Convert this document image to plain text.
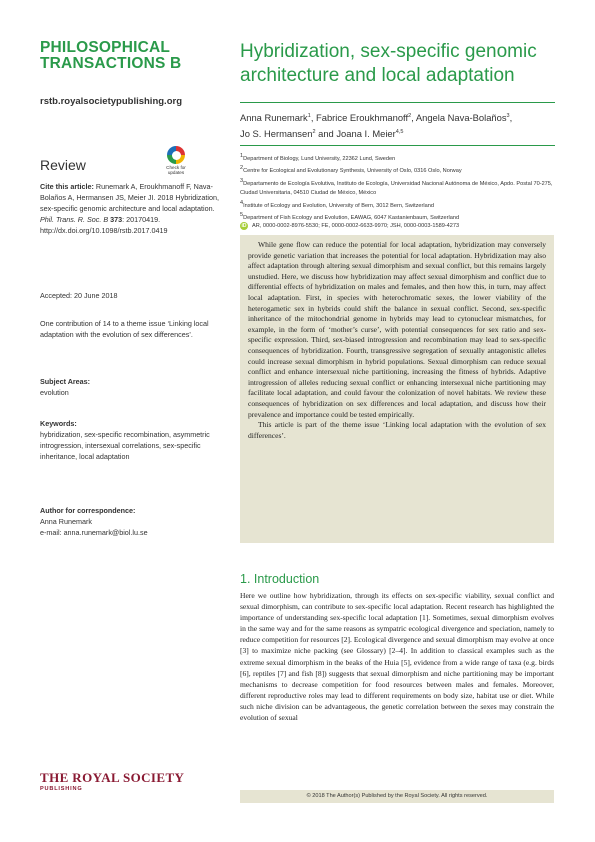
PHILOSOPHICAL
TRANSACTIONS B
rstb.royalsocietypublishing.org
Review	Check for
updates
Cite this article: Runemark A, Eroukhmanoff F, Nava-Bolaños A, Hermansen JS, Meier JI. 2018 Hybridization, sex-specific genomic architecture and local adaptation. Phil. Trans. R. Soc. B 373: 20170419. http://dx.doi.org/10.1098/rstb.2017.0419
Accepted: 20 June 2018
One contribution of 14 to a theme issue ‘Linking local adaptation with the evolution of sex differences’.
Subject Areas:
evolution
Keywords:
hybridization, sex-specific recombination, asymmetric introgression, intersexual correlations, sex-specific inheritance, local adaptation
Author for correspondence:
Anna Runemark
e-mail: anna.runemark@biol.lu.se
THE ROYAL SOCIETY
PUBLISHING
Hybridization, sex-specific genomic architecture and local adaptation
Anna Runemark$^1$, Fabrice Eroukhmanoff$^2$, Angela Nava-Bolaños$^3$,
Jo S. Hermansen$^2$ and Joana I. Meier$^{4,5}$
$^1$Department of Biology, Lund University, 22362 Lund, Sweden
$^2$Centre for Ecological and Evolutionary Synthesis, University of Oslo, 0316 Oslo, Norway
$^3$Departamento de Ecología Evolutiva, Instituto de Ecología, Universidad Nacional Autónoma de México, Apdo. Postal 70-275, Ciudad Universitaria, 04510 Ciudad de México, México
$^4$Institute of Ecology and Evolution, University of Bern, 3012 Bern, Switzerland
$^5$Department of Fish Ecology and Evolution, EAWAG, 6047 Kastanienbaum, Switzerland
iD AR, 0000-0002-8976-5530; FE, 0000-0002-6633-9970; JSH, 0000-0003-1589-4273

While gene flow can reduce the potential for local adaptation, hybridization may conversely provide genetic variation that increases the potential for local adaptation. Hybridization may also affect adaptation through altering sexual dimorphism and sexual conflict, but this remains largely unstudied. Here, we discuss how hybridization may affect sexual dimorphism and conflict due to differential effects of hybridization on males and females, and then how this, in turn, may affect local adaptation. First, in species with heterochromatic sexes, the lower viability of the heterogametic sex in hybrids could shift the balance in sexual conflict. Second, sex-specific inheritance of the mitochondrial genome in hybrids may lead to cytonuclear mismatches, for example, in the form of ‘mother’s curse’, with potential consequences for sex ratio and sex-specific expression. Third, sex-biased introgression and recombination may lead to sex-specific consequences of hybridization. Fourth, transgressive segregation of sexually antagonistic alleles could increase sexual dimorphism in hybrid populations. Sexual dimorphism can reduce sexual conflict and enhance intersexual niche partitioning, increasing the fitness of hybrids. Adaptive introgression of alleles reducing sexual conflict or enhancing intersexual niche partitioning may facilitate local adaptation, and could favour the colonization of novel habitats. We review these consequences of hybridization on sex differences and local adaptation, and discuss how their prevalence and importance could be tested empirically.

This article is part of the theme issue ‘Linking local adaptation with the evolution of sex differences’.

1. Introduction

Here we outline how hybridization, through its effects on sex-specific viability, sexual conflict and sexual dimorphism, can contribute to sex-specific local adaptation. Recent research has highlighted the importance of understanding sex-specific local adaptation [1]. Sometimes, sexual dimorphism evolves in the same way and for the same reasons as sympatric ecological divergence and speciation, namely to reduce competition for resources [2]. Ecological divergence and sexual dimorphism may evolve at once [3] to maximize niche packing (see Glossary) [2–4]. In addition to classical examples such as the extreme sexual dimorphism in the beaks of the Huia [5], evidence from a wide range of taxa (e.g. birds [6], reptiles [7] and fish [8]) suggests that sexual dimorphism and niche partitioning may be important mechanisms to decrease competition for food resources between males and females. Moreover, different reproductive roles may lead to different requirements on body size, habitat use or diet. While such niche division can be advantageous, the genetic correlation between the sexes may constrain the evolution of sexual

© 2018 The Author(s) Published by the Royal Society. All rights reserved.
